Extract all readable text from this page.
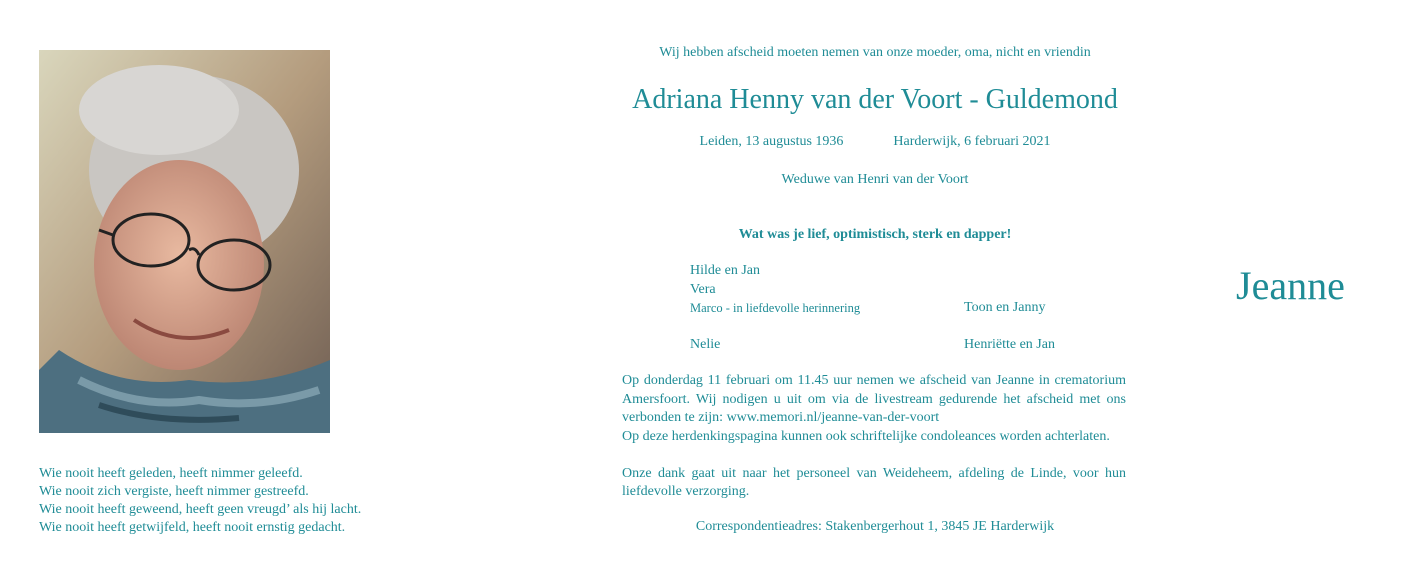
Wie nooit heeft geleden, heeft nimmer geleefd.
Wie nooit zich vergiste, heeft nimmer gestreefd.
Wie nooit heeft geweend, heeft geen vreugd’ als hij lacht.
Wie nooit heeft getwijfeld, heeft nooit ernstig gedacht.
Wij hebben afscheid moeten nemen van onze moeder, oma, nicht en vriendin
Adriana Henny van der Voort - Guldemond
Leiden, 13 augustus 1936	Harderwijk, 6 februari 2021
Weduwe van Henri van der Voort
Wat was je lief, optimistisch, sterk en dapper!
Hilde en Jan
Vera
Marco - in liefdevolle herinnering	Toon en Janny
Nelie	Henriëtte en Jan

Op donderdag 11 februari om 11.45 uur nemen we afscheid van Jeanne in crematorium Amersfoort. Wij nodigen u uit om via de livestream gedurende het afscheid met ons verbonden te zijn: www.memori.nl/jeanne-van-der-voort

Op deze herdenkingspagina kunnen ook schriftelijke condoleances worden achterlaten.

Onze dank gaat uit naar het personeel van Weideheem, afdeling de Linde, voor hun liefdevolle verzorging.

Correspondentieadres: Stakenbergerhout 1, 3845 JE Harderwijk
Jeanne
